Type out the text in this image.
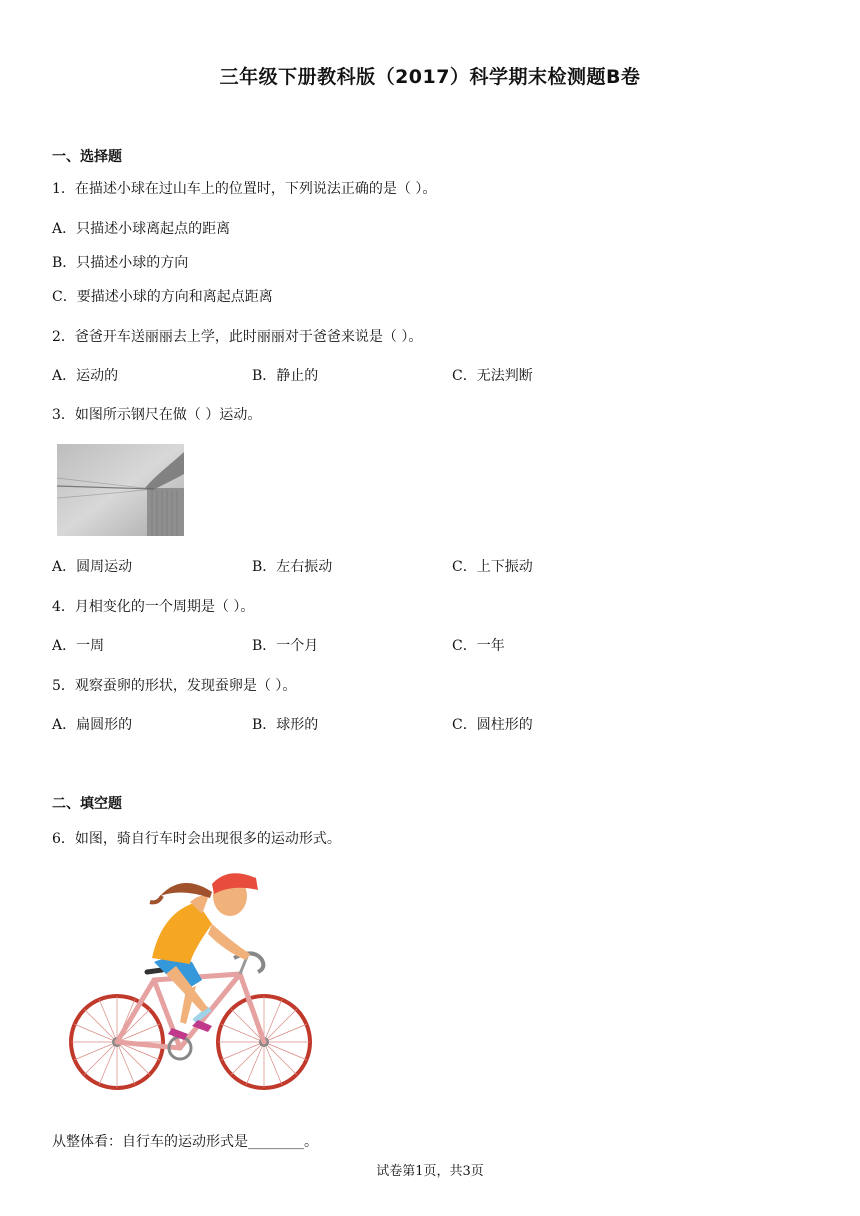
三年级下册教科版（2017）科学期末检测题B卷
一、选择题
1．在描述小球在过山车上的位置时，下列说法正确的是（ ）。
A．只描述小球离起点的距离
B．只描述小球的方向
C．要描述小球的方向和离起点距离
2．爸爸开车送丽丽去上学，此时丽丽对于爸爸来说是（ ）。
A．运动的	B．静止的	C．无法判断
3．如图所示钢尺在做（ ）运动。
A．圆周运动	B．左右振动	C．上下振动
4．月相变化的一个周期是（ ）。
A．一周	B．一个月	C．一年
5．观察蚕卵的形状，发现蚕卵是（ ）。
A．扁圆形的	B．球形的	C．圆柱形的
二、填空题
6．如图，骑自行车时会出现很多的运动形式。
从整体看：自行车的运动形式是________。
试卷第1页，共3页
